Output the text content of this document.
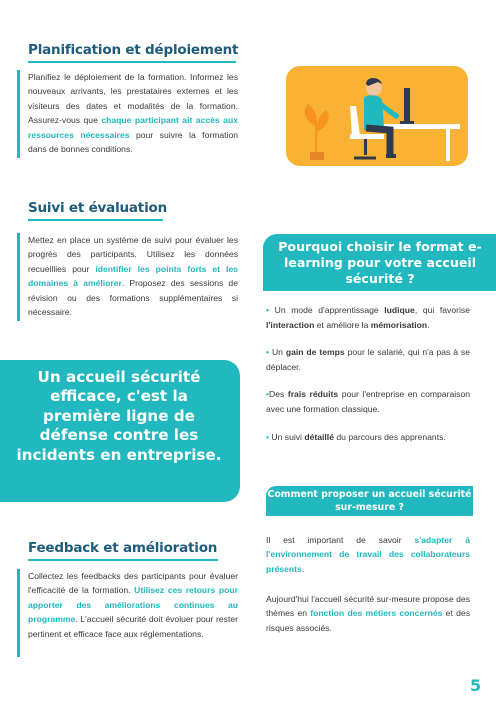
Planification et déploiement
Planifiez le déploiement de la formation. Informez les nouveaux arrivants, les prestataires externes et les visiteurs des dates et modalités de la formation. Assurez-vous que chaque participant ait accès aux ressources nécessaires pour suivre la formation dans de bonnes conditions.
Suivi et évaluation
Mettez en place un système de suivi pour évaluer les progrès des participants. Utilisez les données recueillies pour identifier les points forts et les domaines à améliorer. Proposez des sessions de révision ou des formations supplémentaires si nécessaire.
Un accueil sécurité efficace, c'est la première ligne de défense contre les incidents en entreprise.
Feedback et amélioration
Collectez les feedbacks des participants pour évaluer l'efficacité de la formation. Utilisez ces retours pour apporter des améliorations continues au programme. L'accueil sécurité doit évoluer pour rester pertinent et efficace face aux réglementations.
Pourquoi choisir le format e-learning pour votre accueil sécurité ?
• Un mode d'apprentissage ludique, qui favorise l'interaction et améliore la mémorisation.
• Un gain de temps pour le salarié, qui n'a pas à se déplacer.
•Des frais réduits pour l'entreprise en comparaison avec une formation classique.
• Un suivi détaillé du parcours des apprenants.
Comment proposer un accueil sécurité sur-mesure ?
Il est important de savoir s'adapter à l'environnement de travail des collaborateurs présents.
Aujourd'hui l'accueil sécurité sur-mesure propose des thèmes en fonction des métiers concernés et des risques associés.
5
